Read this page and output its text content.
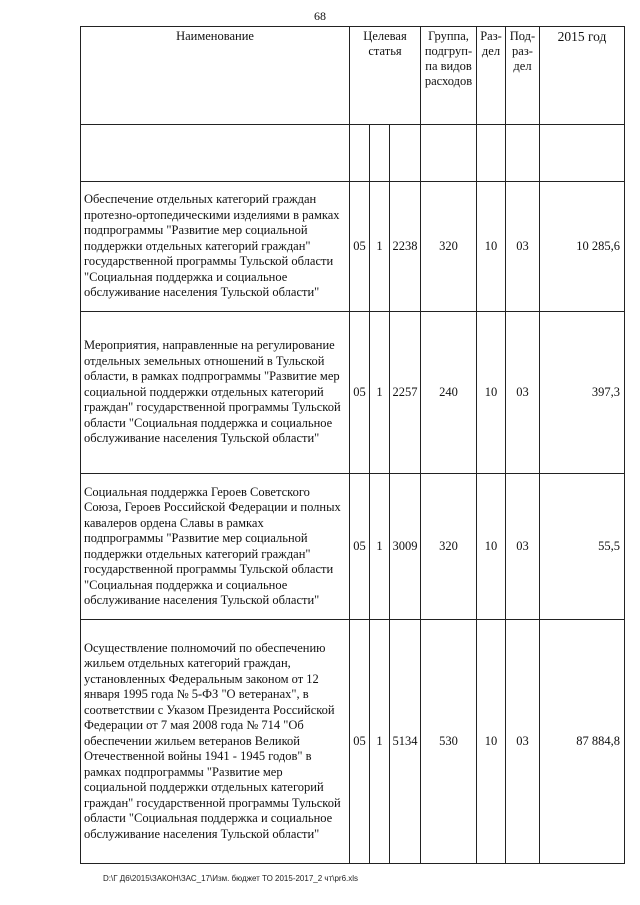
68
Наименование	Целевая статья			Группа, подгруп-па видов расходов	Раз-дел	Под-раз-дел	2015 год

Обеспечение отдельных категорий граждан протезно-ортопедическими изделиями в рамках подпрограммы "Развитие мер социальной поддержки отдельных категорий граждан" государственной программы Тульской области "Социальная поддержка и социальное обслуживание населения Тульской области"	05	1	2238	320	10	03	10 285,6
Мероприятия, направленные на регулирование отдельных земельных отношений в Тульской области, в рамках подпрограммы "Развитие мер социальной поддержки отдельных категорий граждан" государственной программы Тульской области "Социальная поддержка и социальное обслуживание населения Тульской области"	05	1	2257	240	10	03	397,3
Социальная поддержка Героев Советского Союза, Героев Российской Федерации и полных кавалеров ордена Славы в рамках подпрограммы "Развитие мер социальной поддержки отдельных категорий граждан" государственной программы Тульской области "Социальная поддержка и социальное обслуживание населения Тульской области"	05	1	3009	320	10	03	55,5
Осуществление полномочий по обеспечению жильем отдельных категорий граждан, установленных Федеральным законом от 12 января 1995 года № 5-ФЗ "О ветеранах", в соответствии с Указом Президента Российской Федерации от 7 мая 2008 года № 714 "Об обеспечении жильем ветеранов Великой Отечественной войны 1941 - 1945 годов" в рамках подпрограммы "Развитие мер социальной поддержки отдельных категорий граждан" государственной программы Тульской области "Социальная поддержка и социальное обслуживание населения Тульской области"	05	1	5134	530	10	03	87 884,8
D:\Г Д6\2015\ЗАКОН\ЗАС_17\Изм. бюджет ТО 2015-2017_2 чт\pr6.xls
